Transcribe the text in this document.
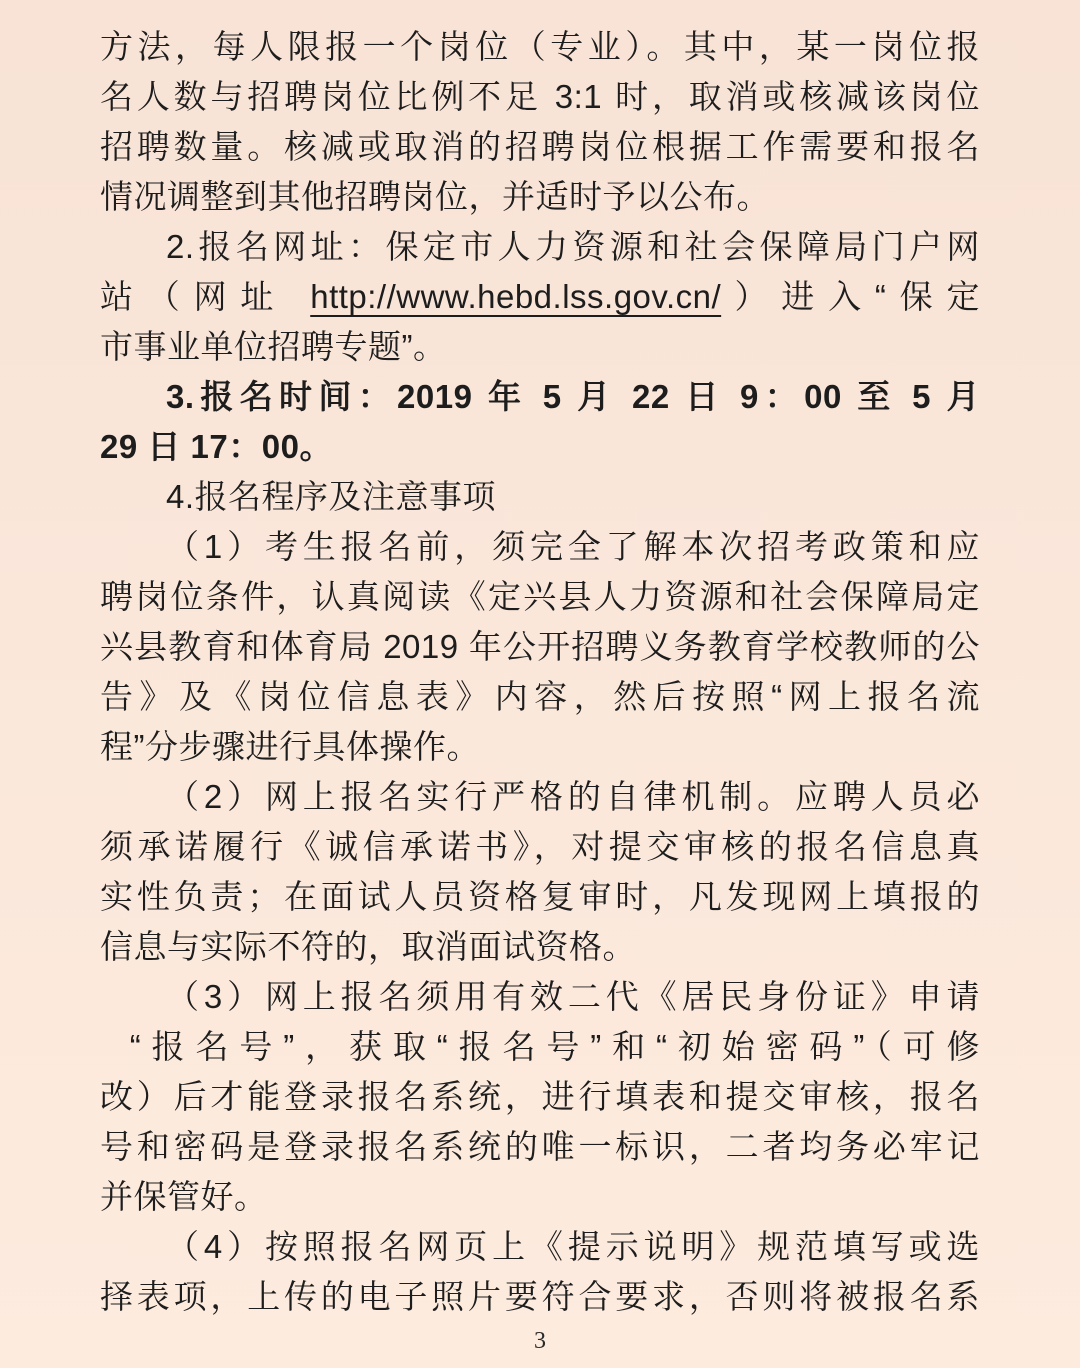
方法，每人限报一个岗位（专业）。其中，某一岗位报
名人数与招聘岗位比例不足 3:1 时，取消或核减该岗位
招聘数量。核减或取消的招聘岗位根据工作需要和报名
情况调整到其他招聘岗位，并适时予以公布。
2.报名网址：保定市人力资源和社会保障局门户网
站（网址 http://www.hebd.lss.gov.cn/）进入“保定
市事业单位招聘专题”。
3.报名时间：2019 年 5 月 22 日 9：00 至 5 月
29 日 17：00。
4.报名程序及注意事项
（1）考生报名前，须完全了解本次招考政策和应
聘岗位条件，认真阅读《定兴县人力资源和社会保障局定
兴县教育和体育局 2019 年公开招聘义务教育学校教师的公
告》及《岗位信息表》内容，然后按照“网上报名流
程”分步骤进行具体操作。
（2）网上报名实行严格的自律机制。应聘人员必
须承诺履行《诚信承诺书》，对提交审核的报名信息真
实性负责；在面试人员资格复审时，凡发现网上填报的
信息与实际不符的，取消面试资格。
（3）网上报名须用有效二代《居民身份证》申请
“报名号”，获取“报名号”和“初始密码”（可修
改）后才能登录报名系统，进行填表和提交审核，报名
号和密码是登录报名系统的唯一标识，二者均务必牢记
并保管好。
（4）按照报名网页上《提示说明》规范填写或选
择表项，上传的电子照片要符合要求，否则将被报名系
3
